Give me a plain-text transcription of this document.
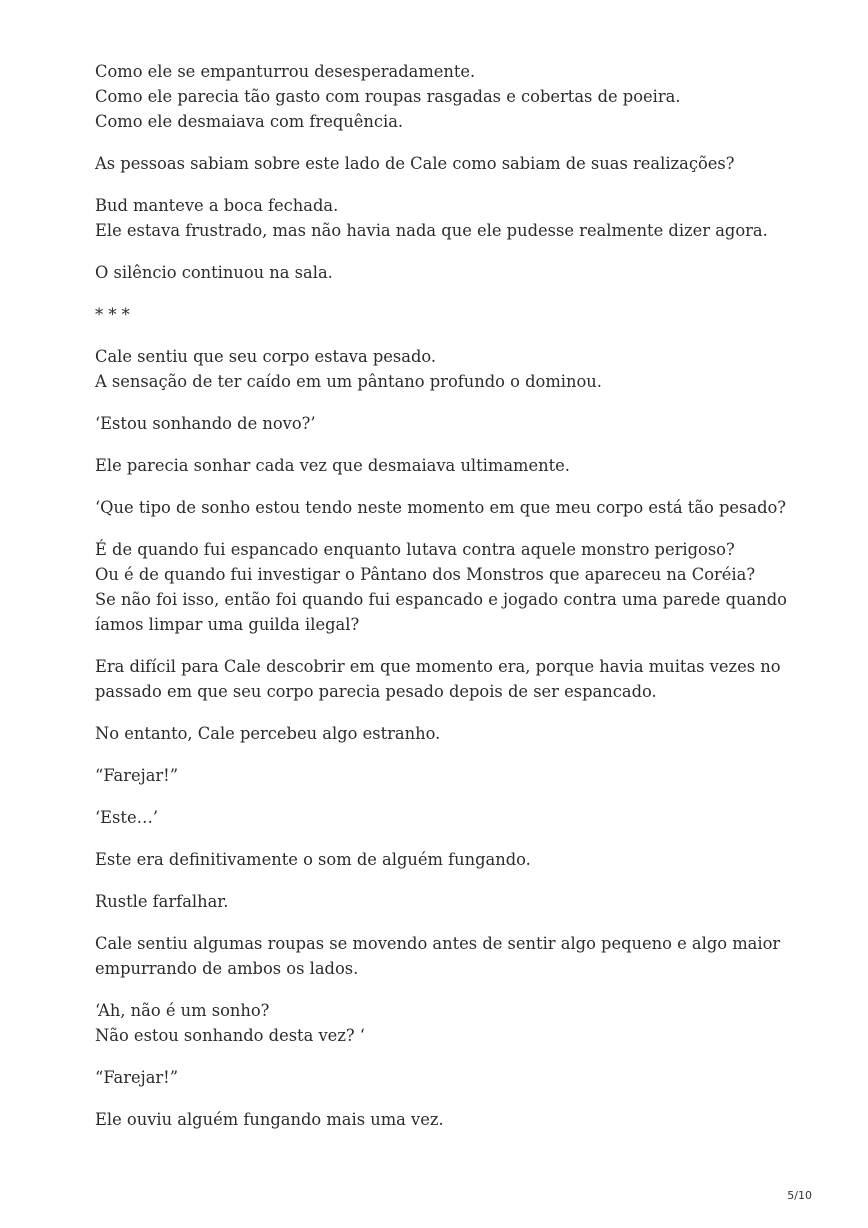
Como ele se empanturrou desesperadamente.
Como ele parecia tão gasto com roupas rasgadas e cobertas de poeira.
Como ele desmaiava com frequência.

As pessoas sabiam sobre este lado de Cale como sabiam de suas realizações?

Bud manteve a boca fechada.
Ele estava frustrado, mas não havia nada que ele pudesse realmente dizer agora.

O silêncio continuou na sala.

* * *

Cale sentiu que seu corpo estava pesado.
A sensação de ter caído em um pântano profundo o dominou.

‘Estou sonhando de novo?’

Ele parecia sonhar cada vez que desmaiava ultimamente.

‘Que tipo de sonho estou tendo neste momento em que meu corpo está tão pesado?

É de quando fui espancado enquanto lutava contra aquele monstro perigoso?
Ou é de quando fui investigar o Pântano dos Monstros que apareceu na Coréia?
Se não foi isso, então foi quando fui espancado e jogado contra uma parede quando
íamos limpar uma guilda ilegal?

Era difícil para Cale descobrir em que momento era, porque havia muitas vezes no
passado em que seu corpo parecia pesado depois de ser espancado.

No entanto, Cale percebeu algo estranho.

“Farejar!”

‘Este…’

Este era definitivamente o som de alguém fungando.

Rustle farfalhar.

Cale sentiu algumas roupas se movendo antes de sentir algo pequeno e algo maior
empurrando de ambos os lados.

‘Ah, não é um sonho?
Não estou sonhando desta vez? ‘

“Farejar!”

Ele ouviu alguém fungando mais uma vez.

5/10
